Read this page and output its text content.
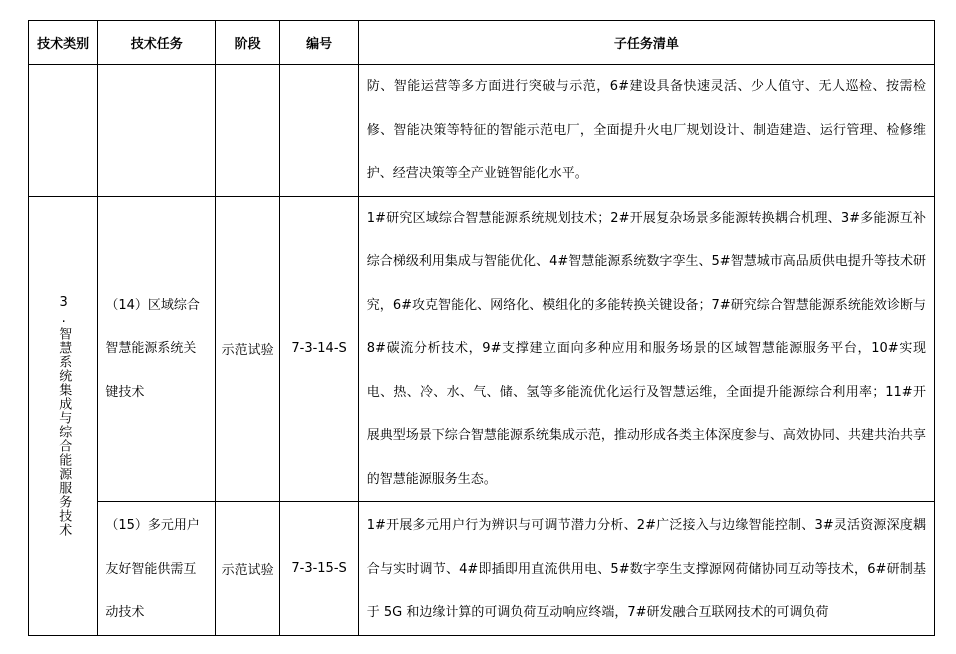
技术类别	技术任务	阶段	编号	子任务清单

				防、智能运营等多方面进行突破与示范，6#建设具备快速灵活、少人值守、无人巡检、按需检修、智能决策等特征的智能示范电厂，全面提升火电厂规划设计、制造建造、运行管理、检修维护、经营决策等全产业链智能化水平。

3.智慧系统集成与综合能源服务技术	（14）区域综合智慧能源系统关键技术	示范试验	7-3-14-S	1#研究区域综合智慧能源系统规划技术；2#开展复杂场景多能源转换耦合机理、3#多能源互补综合梯级利用集成与智能优化、4#智慧能源系统数字孪生、5#智慧城市高品质供电提升等技术研究，6#攻克智能化、网络化、模组化的多能转换关键设备；7#研究综合智慧能源系统能效诊断与 8#碳流分析技术，9#支撑建立面向多种应用和服务场景的区域智慧能源服务平台，10#实现电、热、冷、水、气、储、氢等多能流优化运行及智慧运维，全面提升能源综合利用率；11#开展典型场景下综合智慧能源系统集成示范，推动形成各类主体深度参与、高效协同、共建共治共享的智慧能源服务生态。

	（15）多元用户友好智能供需互动技术	示范试验	7-3-15-S	1#开展多元用户行为辨识与可调节潜力分析、2#广泛接入与边缘智能控制、3#灵活资源深度耦合与实时调节、4#即插即用直流供用电、5#数字孪生支撑源网荷储协同互动等技术，6#研制基于 5G 和边缘计算的可调负荷互动响应终端，7#研发融合互联网技术的可调负荷
